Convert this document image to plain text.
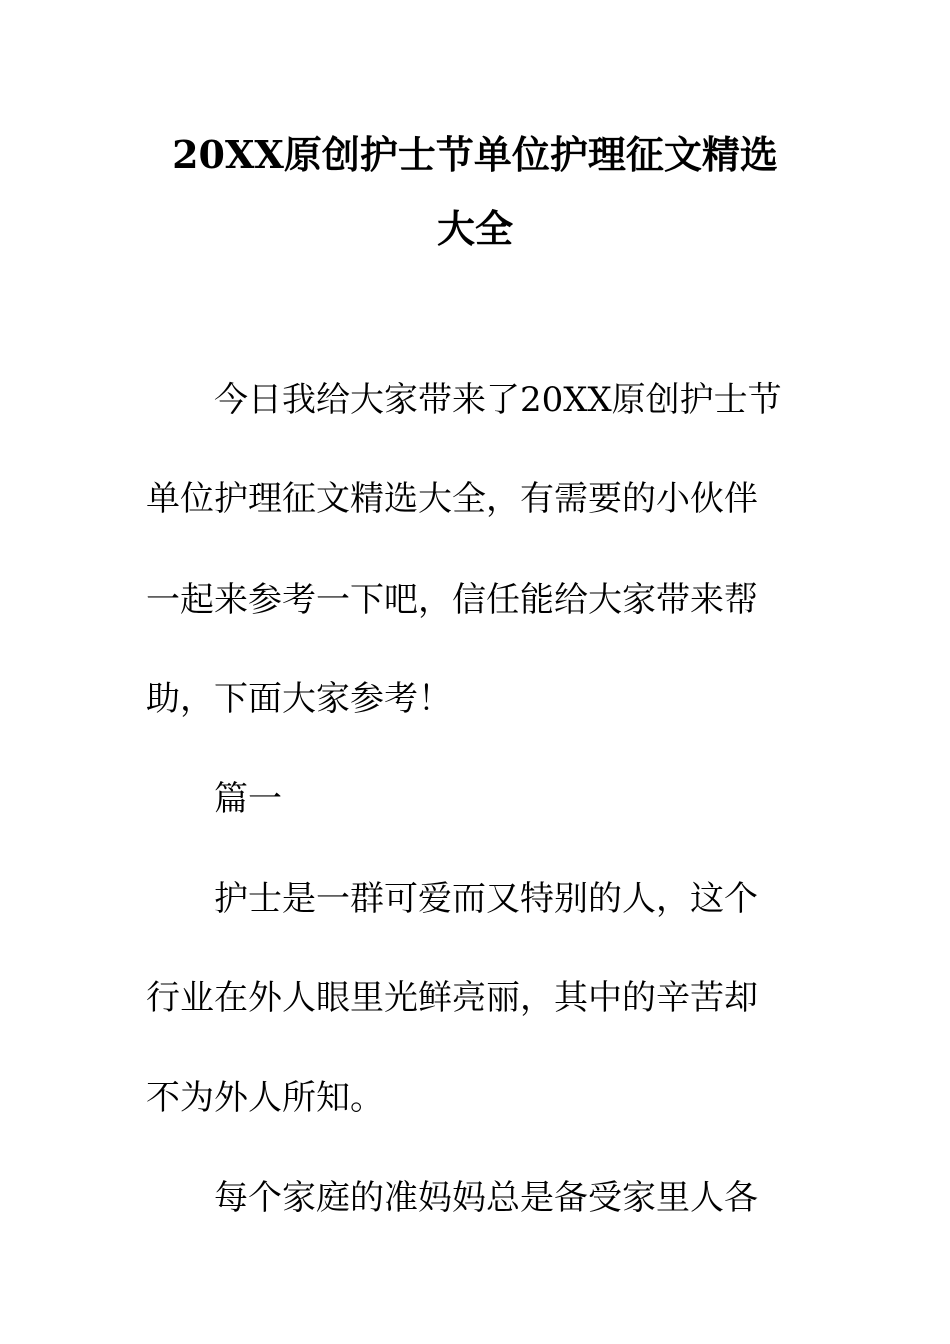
20XX原创护士节单位护理征文精选
大全

今日我给大家带来了20XX原创护士节

单位护理征文精选大全，有需要的小伙伴

一起来参考一下吧，信任能给大家带来帮

助，下面大家参考！

篇一

护士是一群可爱而又特别的人，这个

行业在外人眼里光鲜亮丽，其中的辛苦却

不为外人所知。

每个家庭的准妈妈总是备受家里人各
